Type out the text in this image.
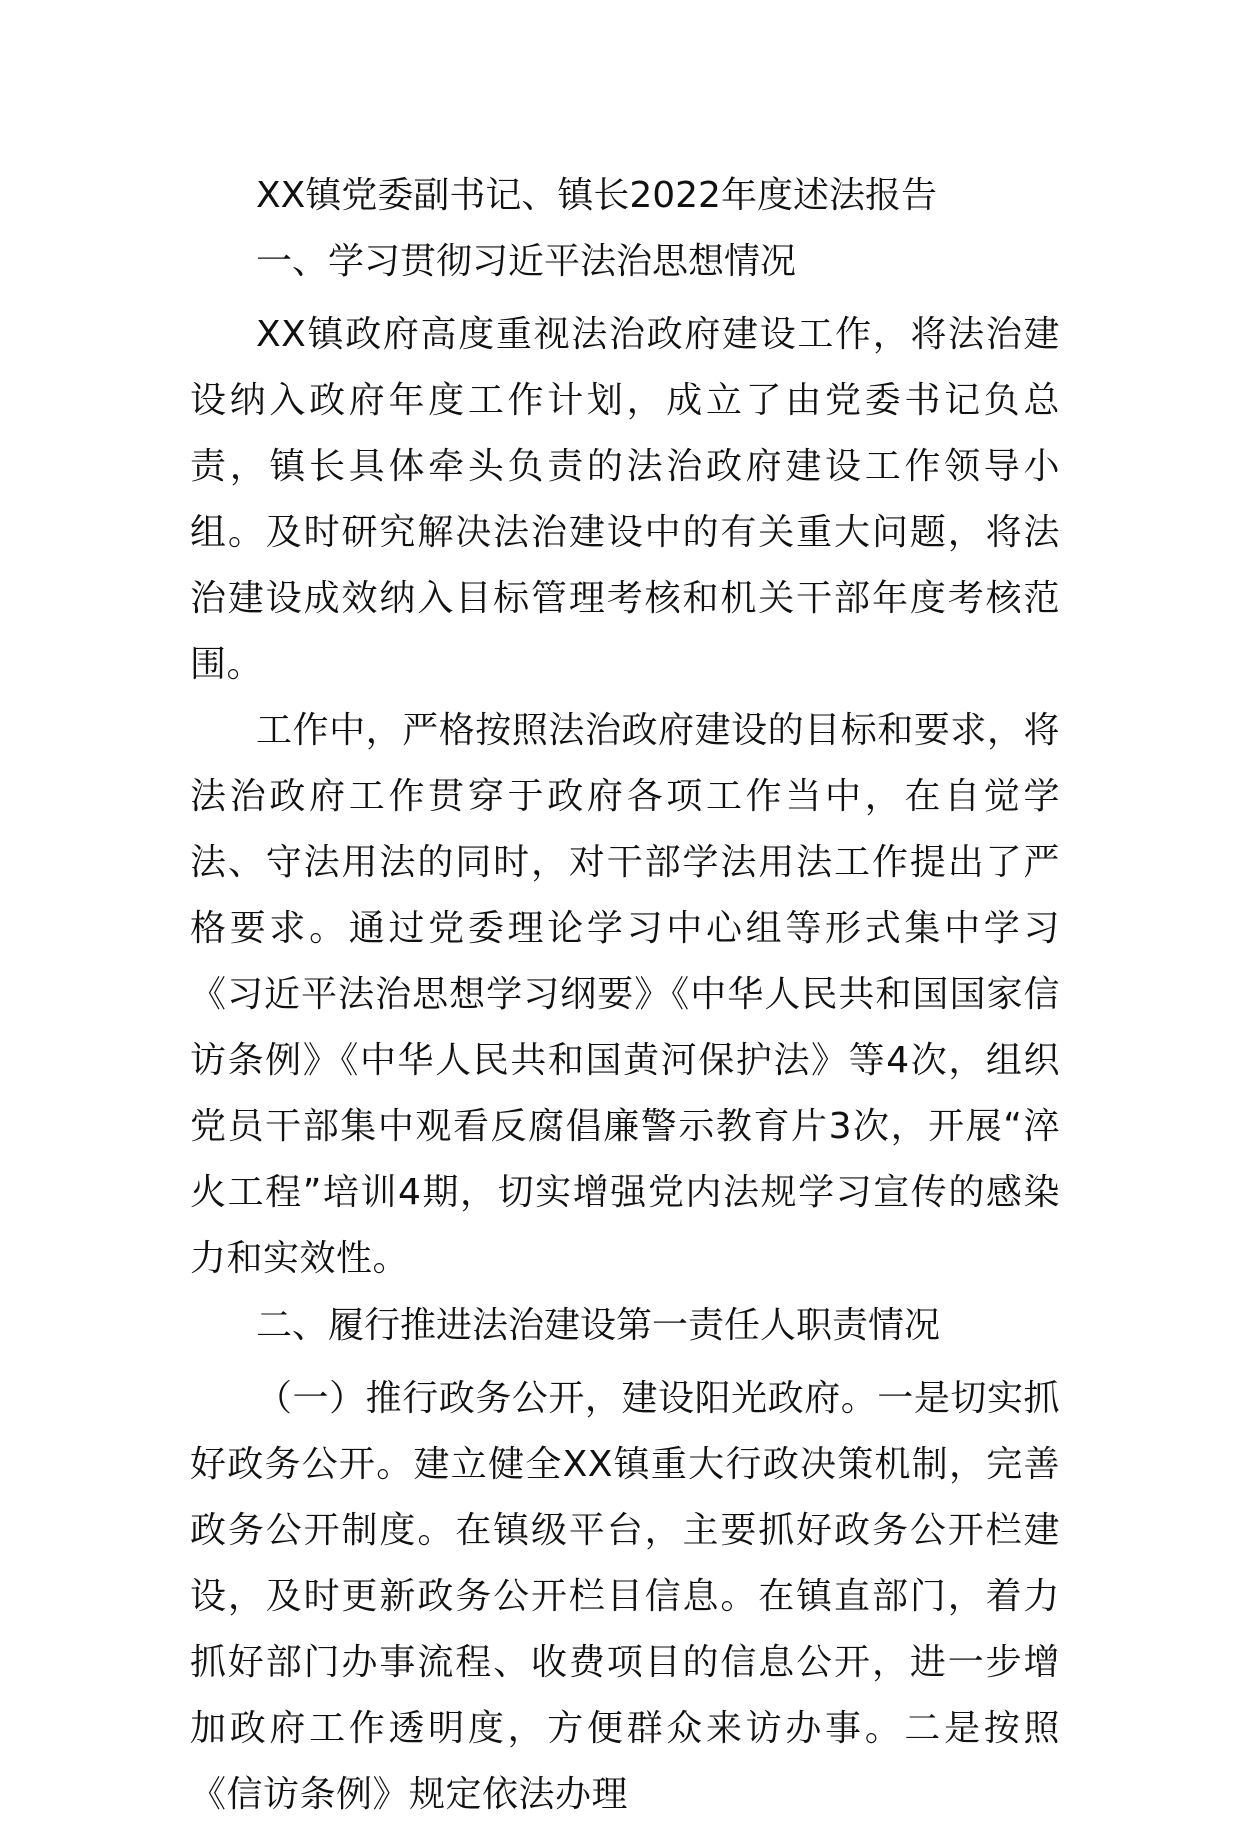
XX镇党委副书记、镇长2022年度述法报告

一、学习贯彻习近平法治思想情况

XX镇政府高度重视法治政府建设工作，将法治建设纳入政府年度工作计划，成立了由党委书记负总责，镇长具体牵头负责的法治政府建设工作领导小组。及时研究解决法治建设中的有关重大问题，将法治建设成效纳入目标管理考核和机关干部年度考核范围。

工作中，严格按照法治政府建设的目标和要求，将法治政府工作贯穿于政府各项工作当中，在自觉学法、守法用法的同时，对干部学法用法工作提出了严格要求。通过党委理论学习中心组等形式集中学习《习近平法治思想学习纲要》《中华人民共和国国家信访条例》《中华人民共和国黄河保护法》等4次，组织党员干部集中观看反腐倡廉警示教育片3次，开展“淬火工程”培训4期，切实增强党内法规学习宣传的感染力和实效性。

二、履行推进法治建设第一责任人职责情况

（一）推行政务公开，建设阳光政府。一是切实抓好政务公开。建立健全XX镇重大行政决策机制，完善政务公开制度。在镇级平台，主要抓好政务公开栏建设，及时更新政务公开栏目信息。在镇直部门，着力抓好部门办事流程、收费项目的信息公开，进一步增加政府工作透明度，方便群众来访办事。二是按照《信访条例》规定依法办理
